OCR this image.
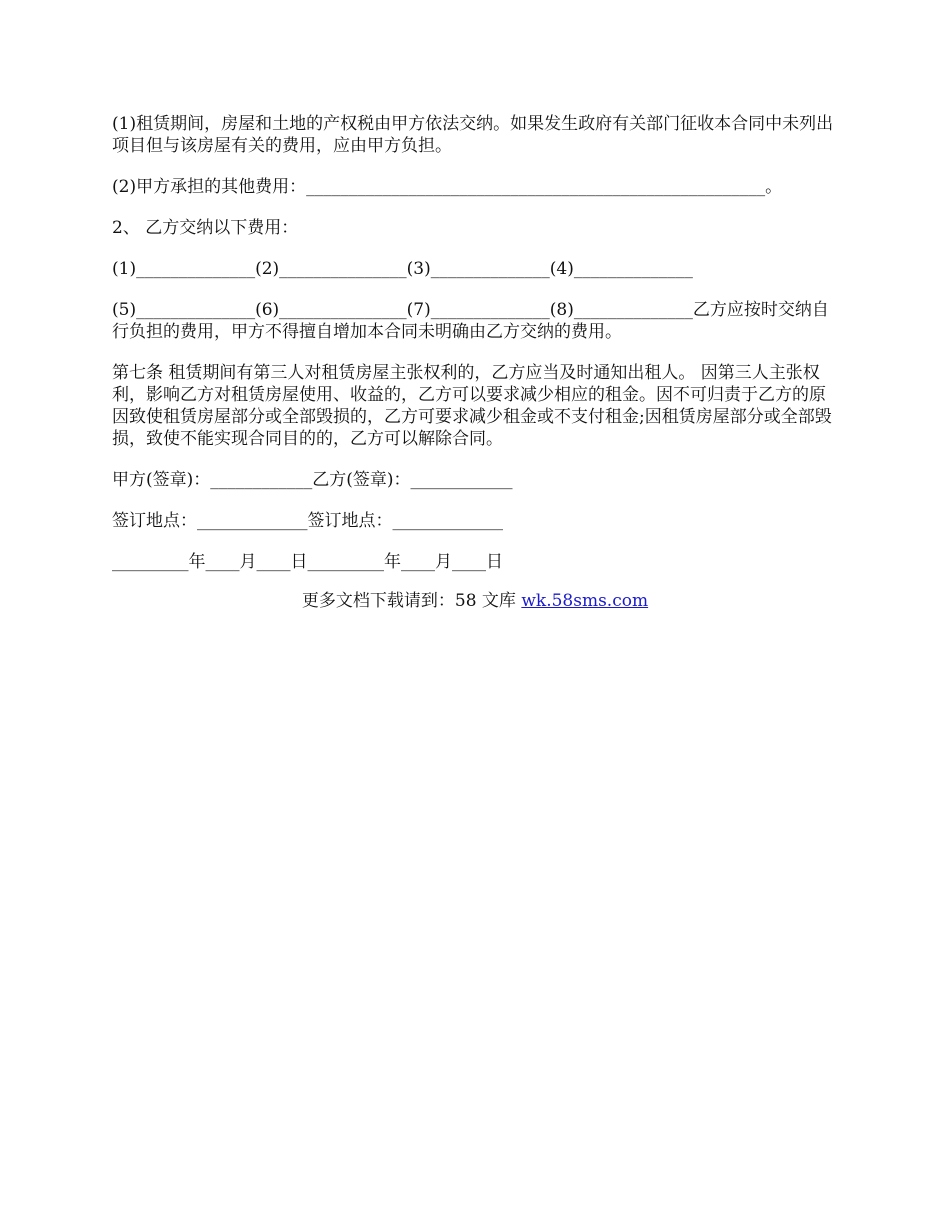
(1)租赁期间，房屋和土地的产权税由甲方依法交纳。如果发生政府有关部门征收本合同中未列出项目但与该房屋有关的费用，应由甲方负担。

(2)甲方承担的其他费用：______________________________________________________。

2、 乙方交纳以下费用：

(1)______________(2)_______________(3)______________(4)______________

(5)______________(6)_______________(7)______________(8)______________乙方应按时交纳自行负担的费用，甲方不得擅自增加本合同未明确由乙方交纳的费用。

第七条 租赁期间有第三人对租赁房屋主张权利的，乙方应当及时通知出租人。 因第三人主张权利，影响乙方对租赁房屋使用、收益的，乙方可以要求减少相应的租金。因不可归责于乙方的原因致使租赁房屋部分或全部毁损的，乙方可要求减少租金或不支付租金;因租赁房屋部分或全部毁损，致使不能实现合同目的的，乙方可以解除合同。

甲方(签章)：____________乙方(签章)：____________

签订地点：_____________签订地点：_____________

_________年____月____日_________年____月____日

更多文档下载请到：58 文库 wk.58sms.com
